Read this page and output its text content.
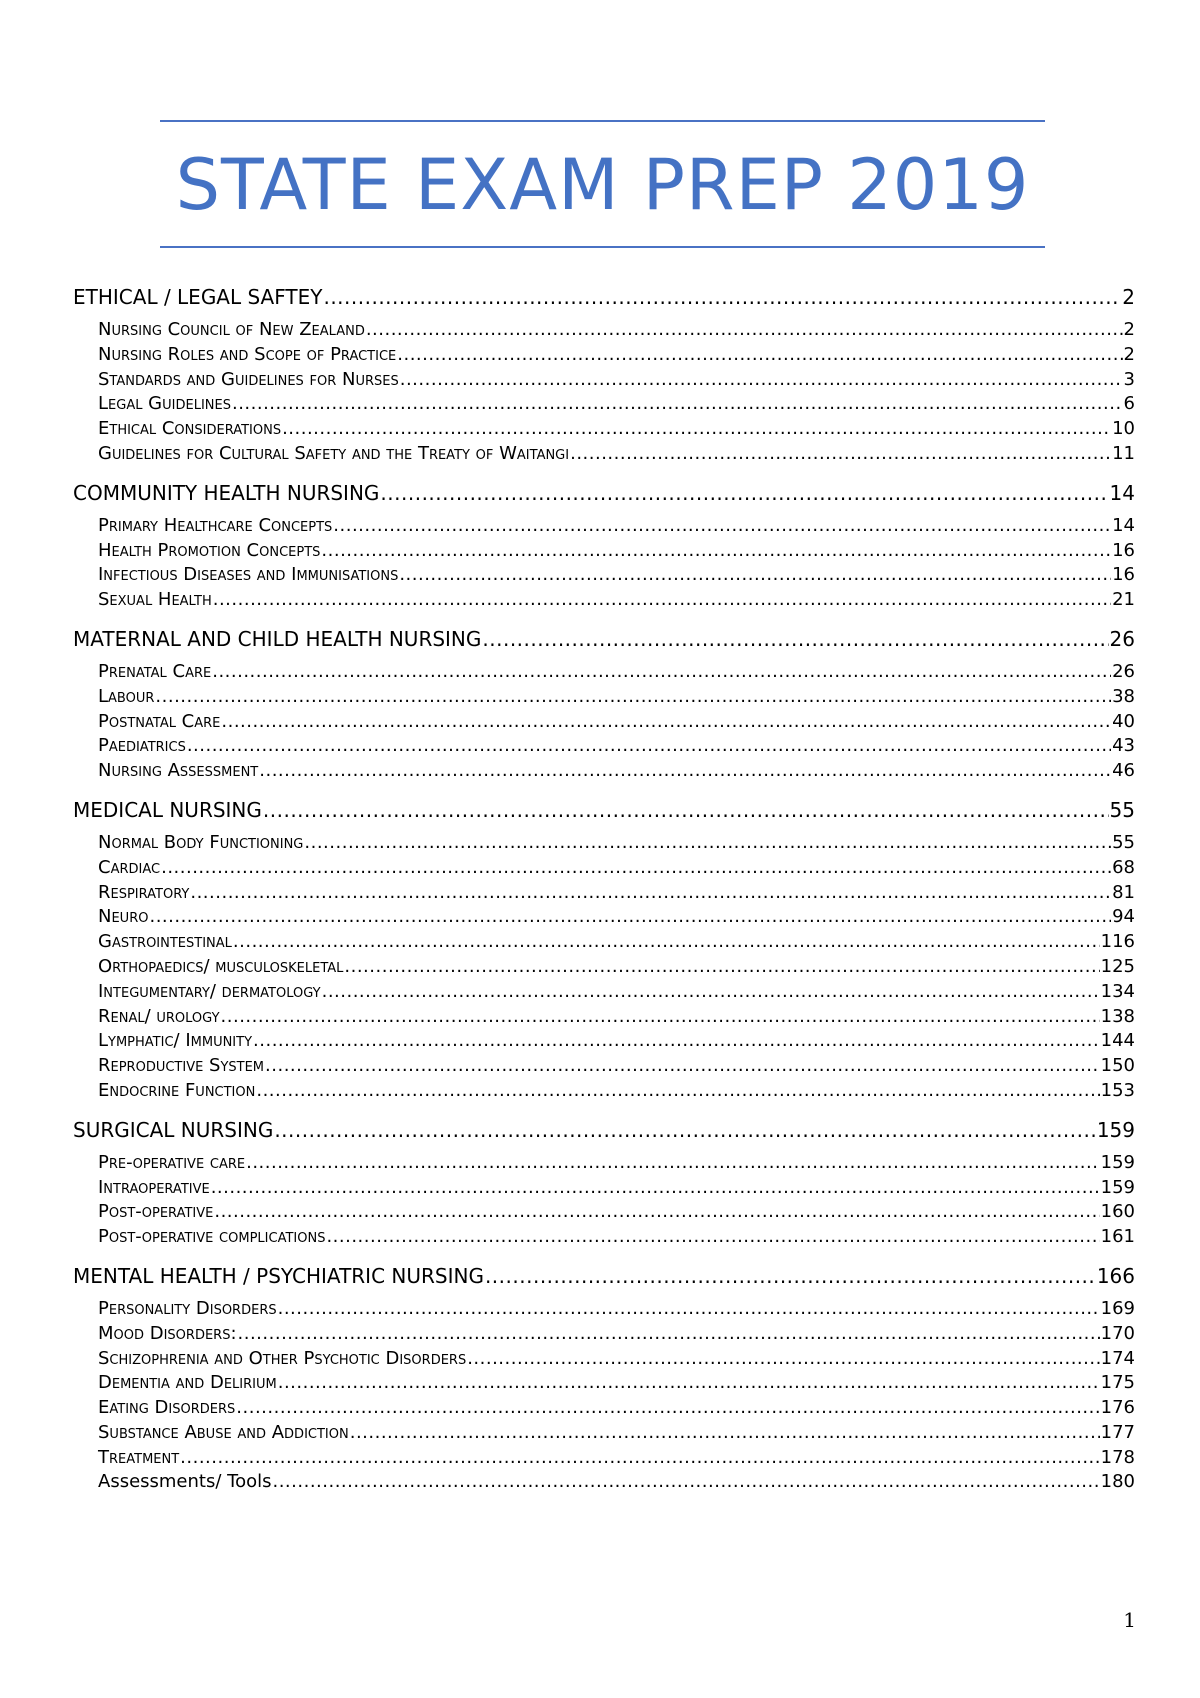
STATE EXAM PREP 2019
ETHICAL / LEGAL SAFTEY .....	2
Nursing Council of New Zealand .....	2
Nursing Roles and Scope of Practice .....	2
Standards and Guidelines for Nurses .....	3
Legal Guidelines .....	6
Ethical Considerations .....	10
Guidelines for Cultural Safety and the Treaty of Waitangi .....	11
COMMUNITY HEALTH NURSING .....	14
Primary Healthcare Concepts .....	14
Health Promotion Concepts .....	16
Infectious Diseases and Immunisations .....	16
Sexual Health .....	21
MATERNAL AND CHILD HEALTH NURSING .....	26
Prenatal Care .....	26
Labour .....	38
Postnatal Care .....	40
Paediatrics .....	43
Nursing Assessment .....	46
MEDICAL NURSING .....	55
Normal Body Functioning .....	55
Cardiac .....	68
Respiratory .....	81
Neuro .....	94
Gastrointestinal .....	116
Orthopaedics/ musculoskeletal .....	125
Integumentary/ dermatology .....	134
Renal/ urology .....	138
Lymphatic/ Immunity .....	144
Reproductive System .....	150
Endocrine Function .....	153
SURGICAL NURSING .....	159
Pre-operative care .....	159
Intraoperative .....	159
Post-operative .....	160
Post-operative complications .....	161
MENTAL HEALTH / PSYCHIATRIC NURSING .....	166
Personality Disorders .....	169
Mood Disorders: .....	170
Schizophrenia and Other Psychotic Disorders .....	174
Dementia and Delirium .....	175
Eating Disorders .....	176
Substance Abuse and Addiction .....	177
Treatment .....	178
Assessments/ Tools .....	180
1
